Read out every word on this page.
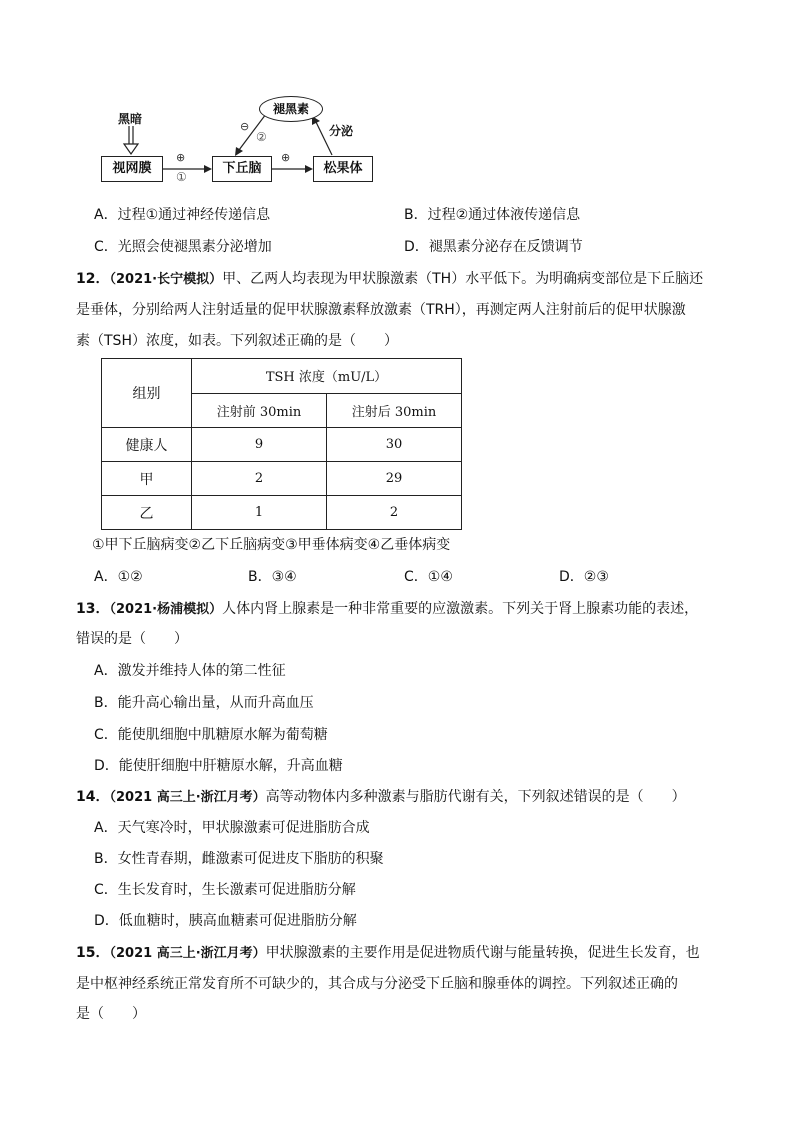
黑暗
视网膜	下丘脑	松果体
褪黑素
分泌
⊕
①
⊕
⊖
②
A．过程①通过神经传递信息	B．过程②通过体液传递信息
C．光照会使褪黑素分泌增加	D．褪黑素分泌存在反馈调节
12．（2021·长宁模拟）甲、乙两人均表现为甲状腺激素（TH）水平低下。为明确病变部位是下丘脑还
是垂体，分别给两人注射适量的促甲状腺激素释放激素（TRH），再测定两人注射前后的促甲状腺激
素（TSH）浓度，如表。下列叙述正确的是（　　）
组别	TSH 浓度（mU/L）	
	注射前 30min	注射后 30min
健康人	9	30
甲	2	29
乙	1	2
①甲下丘脑病变②乙下丘脑病变③甲垂体病变④乙垂体病变
A．①②	B．③④	C．①④	D．②③
13．（2021·杨浦模拟）人体内肾上腺素是一种非常重要的应激激素。下列关于肾上腺素功能的表述，
错误的是（　　）
A．激发并维持人体的第二性征
B．能升高心输出量，从而升高血压
C．能使肌细胞中肌糖原水解为葡萄糖
D．能使肝细胞中肝糖原水解，升高血糖
14．（2021 高三上·浙江月考）高等动物体内多种激素与脂肪代谢有关，下列叙述错误的是（　　）
A．天气寒冷时，甲状腺激素可促进脂肪合成
B．女性青春期，雌激素可促进皮下脂肪的积聚
C．生长发育时，生长激素可促进脂肪分解
D．低血糖时，胰高血糖素可促进脂肪分解
15．（2021 高三上·浙江月考）甲状腺激素的主要作用是促进物质代谢与能量转换，促进生长发育，也
是中枢神经系统正常发育所不可缺少的，其合成与分泌受下丘脑和腺垂体的调控。下列叙述正确的
是（　　）
